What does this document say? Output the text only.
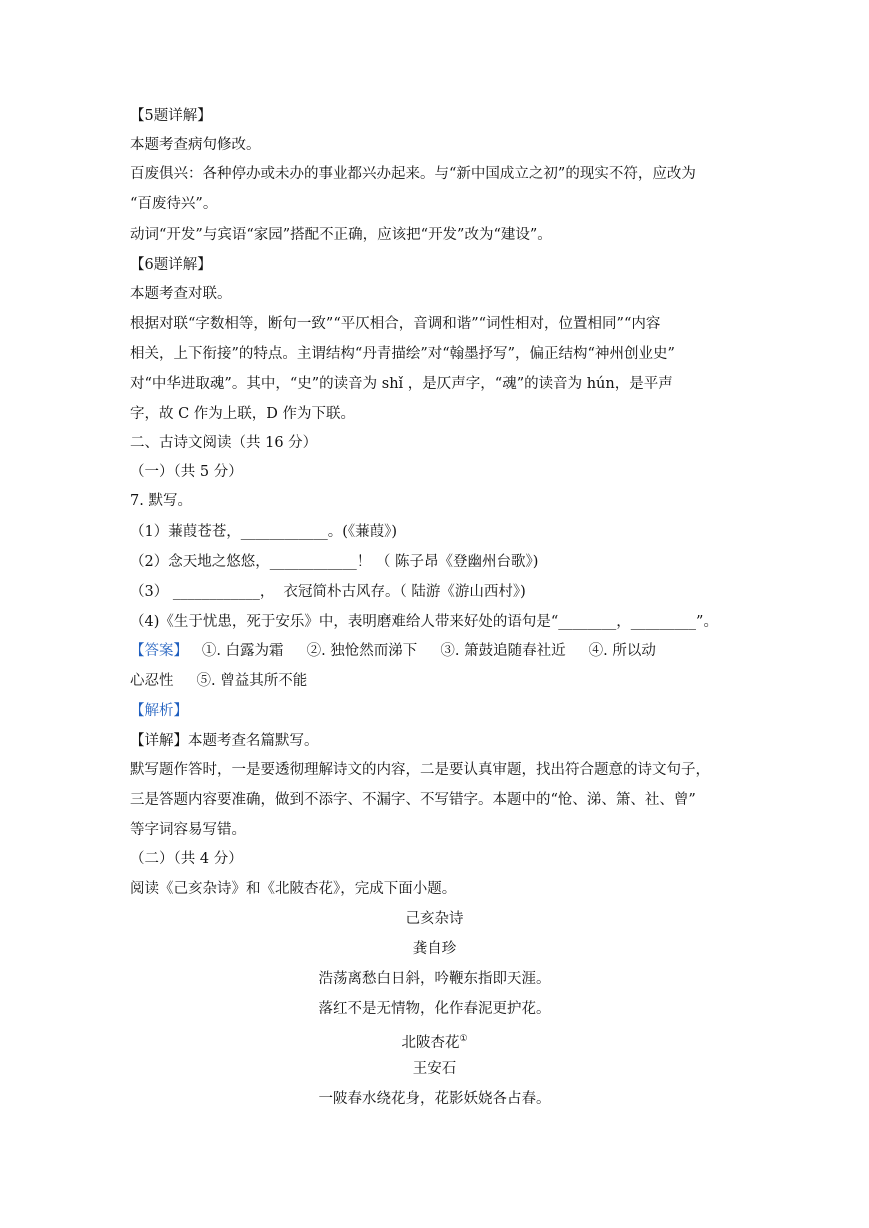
【5题详解】
本题考查病句修改。
百废俱兴：各种停办或未办的事业都兴办起来。与“新中国成立之初”的现实不符，应改为
“百废待兴”。
动词“开发”与宾语“家园”搭配不正确，应该把“开发”改为“建设”。
【6题详解】
本题考查对联。
根据对联“字数相等，断句一致”“平仄相合，音调和谐”“词性相对，位置相同”“内容
相关，上下衔接”的特点。主谓结构“丹青描绘”对“翰墨抒写”，偏正结构“神州创业史”
对“中华进取魂”。其中，“史”的读音为 shǐ ，是仄声字，“魂”的读音为 hún，是平声
字，故 C 作为上联，D 作为下联。
二、古诗文阅读（共 16 分）
（一）（共 5 分）
7. 默写。
（1）蒹葭苍苍，____________。(《蒹葭》)
（2）念天地之悠悠，____________！ （ 陈子昂《登幽州台歌》)
（3） ____________，  衣冠简朴古风存。（ 陆游《游山西村》)
（4)《生于忧患，死于安乐》中，表明磨难给人带来好处的语句是“________，_________”。
【答案】   ①. 白露为霜     ②. 独怆然而涕下     ③. 箫鼓追随春社近     ④. 所以动
心忍性     ⑤. 曾益其所不能
【解析】
【详解】本题考查名篇默写。
默写题作答时，一是要透彻理解诗文的内容，二是要认真审题，找出符合题意的诗文句子，
三是答题内容要准确，做到不添字、不漏字、不写错字。本题中的“怆、涕、箫、社、曾”
等字词容易写错。
（二）（共 4 分）
阅读《己亥杂诗》和《北陂杏花》，完成下面小题。
己亥杂诗
龚自珍
浩荡离愁白日斜，吟鞭东指即天涯。
落红不是无情物，化作春泥更护花。
北陂杏花①
王安石
一陂春水绕花身，花影妖娆各占春。
